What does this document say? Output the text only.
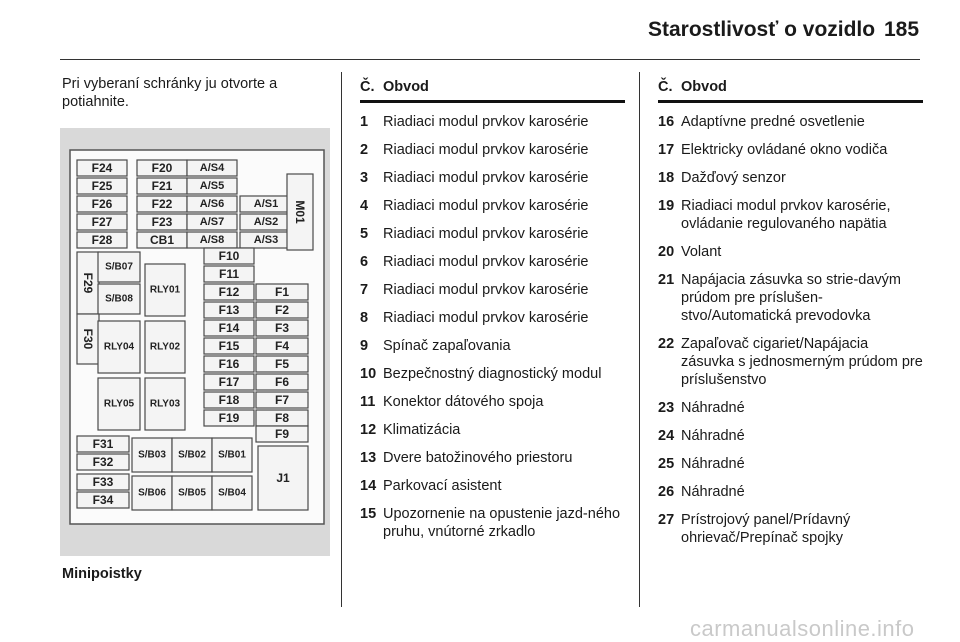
Starostlivosť o vozidlo 185
Pri vyberaní schránky ju otvorte a potiahnite.
F24	F20 A/S4
F25	F21 A/S5
F26	F22 A/S6	A/S1
F27	F23 A/S7	A/S2
F28	CB1 A/S8	A/S3
M01
F10
F11
F29
S/B07
S/B08
RLY01	F12	F1
F13	F2
F30 RLY04 RLY02
F14	F3
F15	F4
F16	F5
RLY05 RLY03
F17	F6
F18	F7
F19	F8
F9
F31
F32 S/B03 S/B02 S/B01
J1
F33
F34 S/B06 S/B05 S/B04
Minipoistky
Č. Obvod
1	Riadiaci modul prvkov karosérie
2	Riadiaci modul prvkov karosérie
3	Riadiaci modul prvkov karosérie
4	Riadiaci modul prvkov karosérie
5	Riadiaci modul prvkov karosérie
6	Riadiaci modul prvkov karosérie
7	Riadiaci modul prvkov karosérie
8	Riadiaci modul prvkov karosérie
9	Spínač zapaľovania
10 Bezpečnostný diagnostický modul
11 Konektor dátového spoja
12 Klimatizácia
13 Dvere batožinového priestoru
14 Parkovací asistent
15 Upozornenie na opustenie jazd-ného pruhu, vnútorné zrkadlo
Č. Obvod
16 Adaptívne predné osvetlenie
17 Elektricky ovládané okno vodiča
18 Dažďový senzor
19 Riadiaci modul prvkov karosérie, ovládanie regulovaného napätia
20 Volant
21 Napájacia zásuvka so strie-davým prúdom pre príslušen-stvo/Automatická prevodovka
22 Zapaľovač cigariet/Napájacia zásuvka s jednosmerným prúdom pre príslušenstvo
23 Náhradné
24 Náhradné
25 Náhradné
26 Náhradné
27 Prístrojový panel/Prídavný ohrievač/Prepínač spojky
carmanualsonline.info
